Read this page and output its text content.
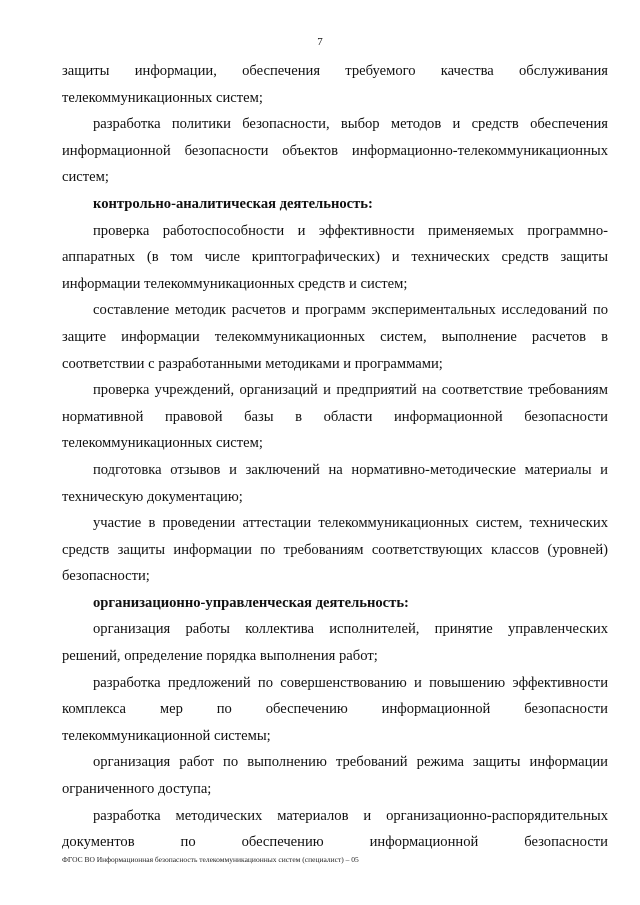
7

защиты информации, обеспечения требуемого качества обслуживания телекоммуникационных систем;

разработка политики безопасности, выбор методов и средств обеспечения информационной безопасности объектов информационно-телекоммуникационных систем;

контрольно-аналитическая деятельность:

проверка работоспособности и эффективности применяемых программно-аппаратных (в том числе криптографических) и технических средств защиты информации телекоммуникационных средств и систем;

составление методик расчетов и программ экспериментальных исследований по защите информации телекоммуникационных систем, выполнение расчетов в соответствии с разработанными методиками и программами;

проверка учреждений, организаций и предприятий на соответствие требованиям нормативной правовой базы в области информационной безопасности телекоммуникационных систем;

подготовка отзывов и заключений на нормативно-методические материалы и техническую документацию;

участие в проведении аттестации телекоммуникационных систем, технических средств защиты информации по требованиям соответствующих классов (уровней) безопасности;

организационно-управленческая деятельность:

организация работы коллектива исполнителей, принятие управленческих решений, определение порядка выполнения работ;

разработка предложений по совершенствованию и повышению эффективности комплекса мер по обеспечению информационной безопасности телекоммуникационной системы;

организация работ по выполнению требований режима защиты информации ограниченного доступа;

разработка методических материалов и организационно-распорядительных документов по обеспечению информационной безопасности

ФГОС ВО Информационная безопасность телекоммуникационных систем (специалист) – 05
